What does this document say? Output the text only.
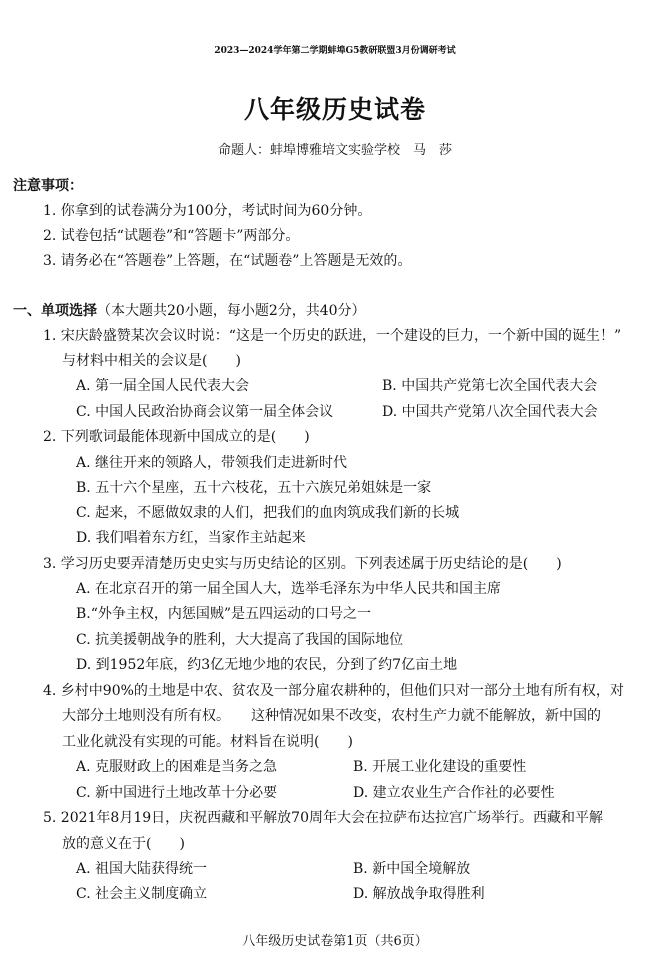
2023—2024学年第二学期蚌埠G5教研联盟3月份调研考试
八年级历史试卷
命题人：蚌埠博雅培文实验学校　马　莎
注意事项：
1. 你拿到的试卷满分为100分，考试时间为60分钟。
2. 试卷包括“试题卷”和“答题卡”两部分。
3. 请务必在“答题卷”上答题，在“试题卷”上答题是无效的。
一、单项选择（本大题共20小题，每小题2分，共40分）
1. 宋庆龄盛赞某次会议时说：“这是一个历史的跃进，一个建设的巨力，一个新中国的诞生！”
与材料中相关的会议是(　　)
A. 第一届全国人民代表大会	B. 中国共产党第七次全国代表大会
C. 中国人民政治协商会议第一届全体会议	D. 中国共产党第八次全国代表大会
2. 下列歌词最能体现新中国成立的是(　　)
A. 继往开来的领路人，带领我们走进新时代
B. 五十六个星座，五十六枝花，五十六族兄弟姐妹是一家
C. 起来，不愿做奴隶的人们，把我们的血肉筑成我们新的长城
D. 我们唱着东方红，当家作主站起来
3. 学习历史要弄清楚历史史实与历史结论的区别。下列表述属于历史结论的是(　　)
A. 在北京召开的第一届全国人大，选举毛泽东为中华人民共和国主席
B.“外争主权，内惩国贼”是五四运动的口号之一
C. 抗美援朝战争的胜利，大大提高了我国的国际地位
D. 到1952年底，约3亿无地少地的农民，分到了约7亿亩土地
4. 乡村中90%的土地是中农、贫农及一部分雇农耕种的，但他们只对一部分土地有所有权，对
大部分土地则没有所有权。　　这种情况如果不改变，农村生产力就不能解放，新中国的
工业化就没有实现的可能。材料旨在说明(　　)
A. 克服财政上的困难是当务之急	B. 开展工业化建设的重要性
C. 新中国进行土地改革十分必要	D. 建立农业生产合作社的必要性
5. 2021年8月19日，庆祝西藏和平解放70周年大会在拉萨布达拉宫广场举行。西藏和平解
放的意义在于(　　)
A. 祖国大陆获得统一	B. 新中国全境解放
C. 社会主义制度确立	D. 解放战争取得胜利
八年级历史试卷第1页（共6页）
